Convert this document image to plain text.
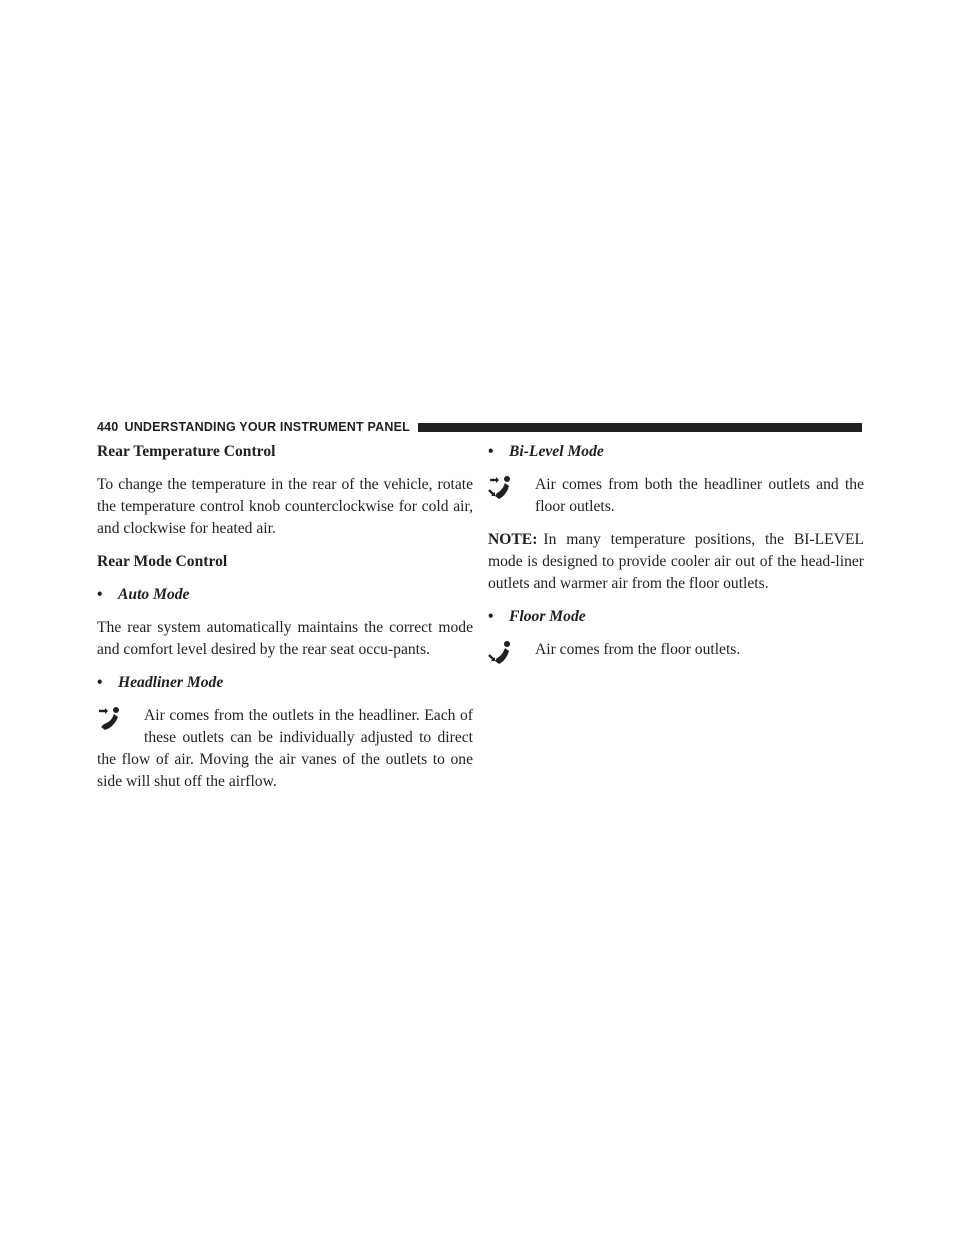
440 UNDERSTANDING YOUR INSTRUMENT PANEL
Rear Temperature Control

To change the temperature in the rear of the vehicle, rotate the temperature control knob counterclockwise for cold air, and clockwise for heated air.

Rear Mode Control
• Auto Mode

The rear system automatically maintains the correct mode and comfort level desired by the rear seat occu-pants.

• Headliner Mode
Air comes from the outlets in the headliner. Each of these outlets can be individually adjusted to direct the flow of air. Moving the air vanes of the outlets to one side will shut off the airflow.
• Bi-Level Mode
Air comes from both the headliner outlets and the floor outlets.

NOTE: In many temperature positions, the BI-LEVEL mode is designed to provide cooler air out of the head-liner outlets and warmer air from the floor outlets.

• Floor Mode
Air comes from the floor outlets.
